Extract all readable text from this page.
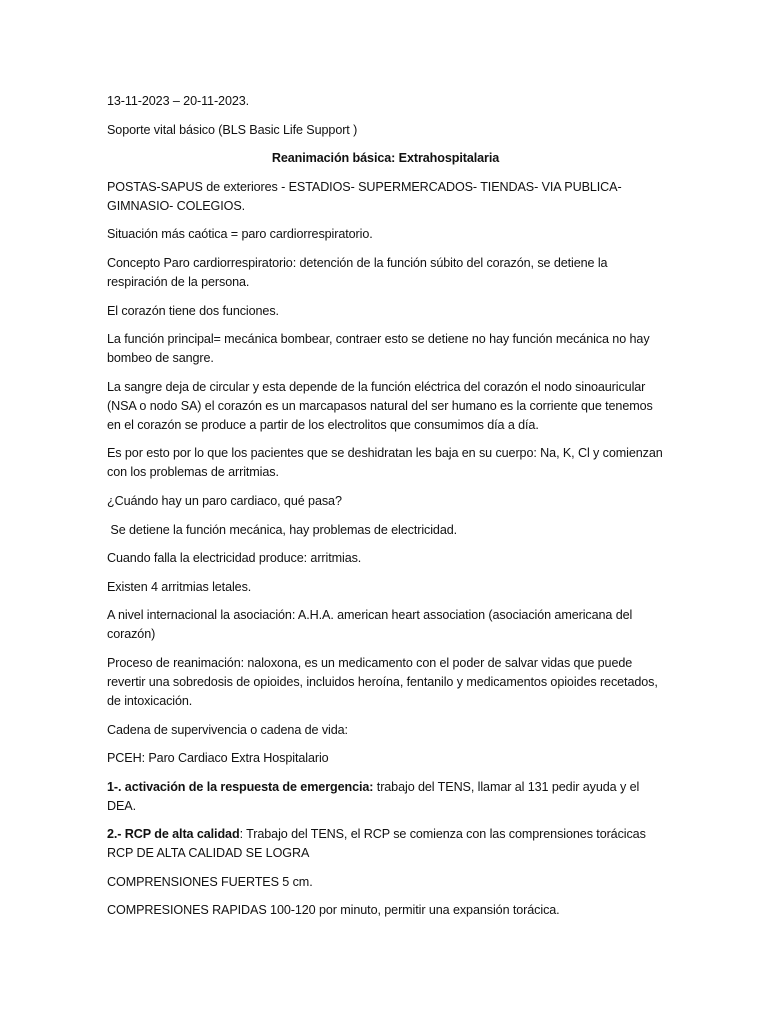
13-11-2023 – 20-11-2023.

Soporte vital básico (BLS Basic Life Support )

Reanimación básica: Extrahospitalaria

POSTAS-SAPUS de exteriores - ESTADIOS- SUPERMERCADOS- TIENDAS- VIA PUBLICA- GIMNASIO- COLEGIOS.

Situación más caótica = paro cardiorrespiratorio.

Concepto Paro cardiorrespiratorio: detención de la función súbito del corazón, se detiene la respiración de la persona.

El corazón tiene dos funciones.

La función principal= mecánica bombear, contraer esto se detiene no hay función mecánica no hay bombeo de sangre.

La sangre deja de circular y esta depende de la función eléctrica del corazón el nodo sinoauricular (NSA o nodo SA) el corazón es un marcapasos natural del ser humano es la corriente que tenemos en el corazón se produce a partir de los electrolitos que consumimos día a día.

Es por esto por lo que los pacientes que se deshidratan les baja en su cuerpo: Na, K, Cl y comienzan con los problemas de arritmias.

¿Cuándo hay un paro cardiaco, qué pasa?

Se detiene la función mecánica, hay problemas de electricidad.

Cuando falla la electricidad produce: arritmias.

Existen 4 arritmias letales.

A nivel internacional la asociación: A.H.A. american heart association (asociación americana del corazón)

Proceso de reanimación: naloxona, es un medicamento con el poder de salvar vidas que puede revertir una sobredosis de opioides, incluidos heroína, fentanilo y medicamentos opioides recetados, de intoxicación.

Cadena de supervivencia o cadena de vida:

PCEH: Paro Cardiaco Extra Hospitalario

1-. activación de la respuesta de emergencia: trabajo del TENS, llamar al 131 pedir ayuda y el DEA.

2.- RCP de alta calidad: Trabajo del TENS, el RCP se comienza con las comprensiones torácicas RCP DE ALTA CALIDAD SE LOGRA

COMPRENSIONES FUERTES 5 cm.

COMPRESIONES RAPIDAS 100-120 por minuto, permitir una expansión torácica.
